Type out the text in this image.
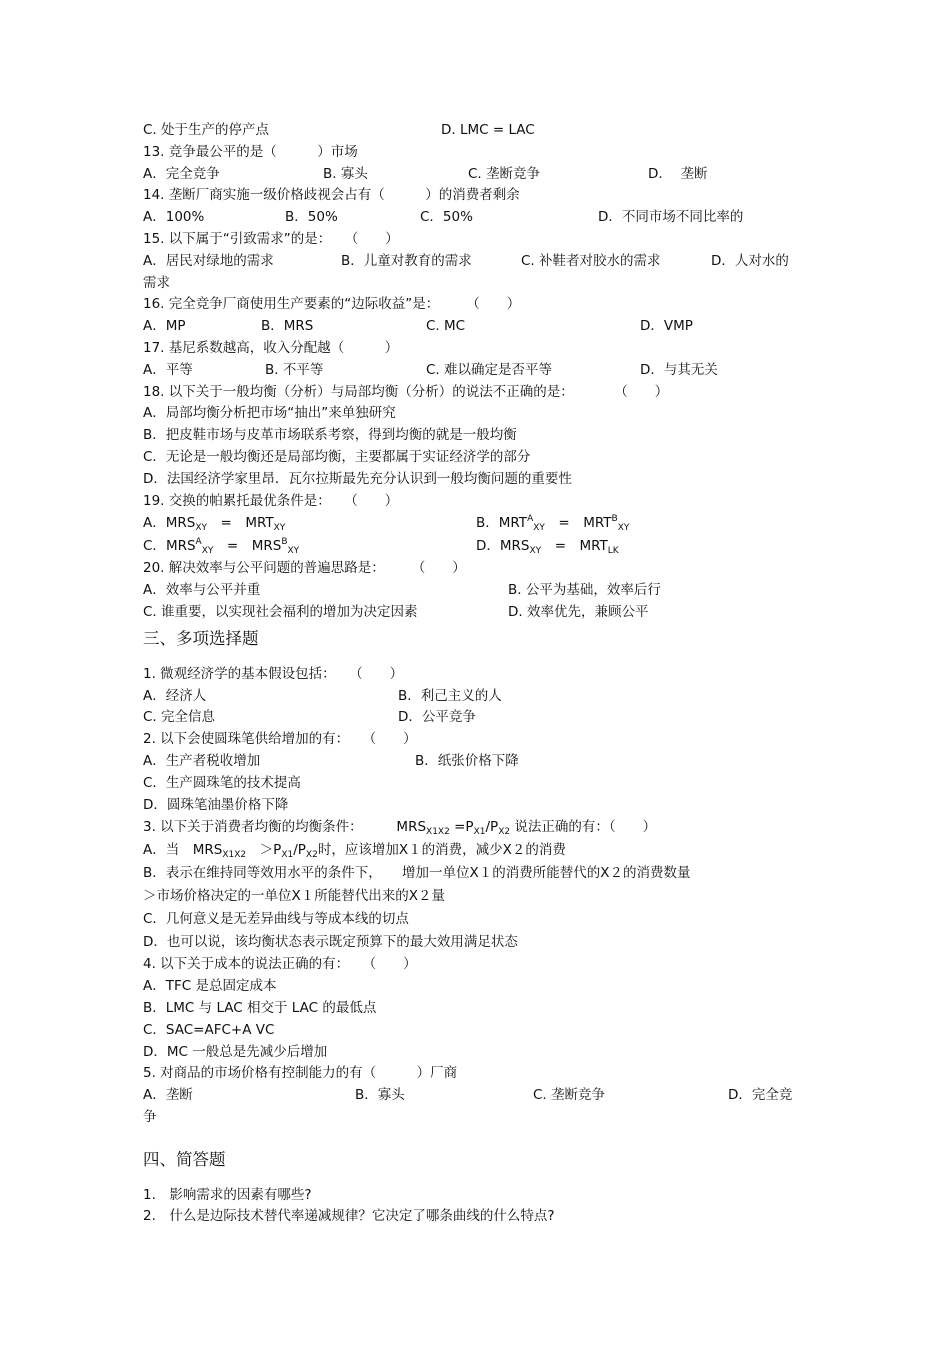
C. 处于生产的停产点	D. LMC = LAC
13. 竞争最公平的是（　　　）市场
A．完全竞争	B. 寡头	C. 垄断竞争	D. 　垄断
14. 垄断厂商实施一级价格歧视会占有（　　　）的消费者剩余
A．100%	B．50%	C．50%	D．不同市场不同比率的
15. 以下属于“引致需求”的是：　　（　　）
A．居民对绿地的需求	B．儿童对教育的需求	C. 补鞋者对胶水的需求	D．人对水的
需求
16. 完全竞争厂商使用生产要素的“边际收益”是：　　　（　　）
A．MP	B．MRS	C. MC	D．VMP
17. 基尼系数越高，收入分配越（　　　）
A．平等	B. 不平等	C. 难以确定是否平等	D．与其无关
18. 以下关于一般均衡（分析）与局部均衡（分析）的说法不正确的是：　　　　（　　）
A．局部均衡分析把市场“抽出”来单独研究
B．把皮鞋市场与皮革市场联系考察，得到均衡的就是一般均衡
C．无论是一般均衡还是局部均衡，主要都属于实证经济学的部分
D．法国经济学家里昂．瓦尔拉斯最先充分认识到一般均衡问题的重要性
19. 交换的帕累托最优条件是：　　（　　）
A．$MRS_{XY}$　 =　 $MRT_{XY}$	B．$MRT^A_{XY}$　 =　 $MRT^B_{XY}$
C．$MRS^A_{XY}$　 =　 $MRS^B_{XY}$	D．$MRS_{XY}$　 =　 $MRT_{LK}$
20. 解决效率与公平问题的普遍思路是：　　　（　　）
A．效率与公平并重	B. 公平为基础，效率后行
C. 谁重要，以实现社会福利的增加为决定因素	D. 效率优先，兼顾公平
三、多项选择题
1. 微观经济学的基本假设包括：　　（　　）
A．经济人	B．利己主义的人
C. 完全信息	D．公平竞争
2. 以下会使圆珠笔供给增加的有：　　（　　）
A．生产者税收增加	B．纸张价格下降
C．生产圆珠笔的技术提高
D．圆珠笔油墨价格下降
3. 以下关于消费者均衡的均衡条件：　　　	$MRS_{X1X2} =P_{X1}/P_{X2}$ 说法正确的有：（　　）
A．当　 $MRS_{X1X2}$　 $>P_{X1}/P_{X2}$时，应该增加X１的消费，减少X２的消费
B．表示在维持同等效用水平的条件下，　　增加一单位X１的消费所能替代的X２的消费数量
＞市场价格决定的一单位X１所能替代出来的X２量
C．几何意义是无差异曲线与等成本线的切点
D．也可以说，该均衡状态表示既定预算下的最大效用满足状态
4. 以下关于成本的说法正确的有：　　（　　）
A．TFC 是总固定成本
B．LMC 与 LAC 相交于 LAC 的最低点
C．SAC=AFC+A VC
D．MC 一般总是先减少后增加
5. 对商品的市场价格有控制能力的有（　　　）厂商
A．垄断	B．寡头	C. 垄断竞争	D．完全竞
争
四、简答题
1.　影响需求的因素有哪些?
2.　什么是边际技术替代率递减规律？它决定了哪条曲线的什么特点?
